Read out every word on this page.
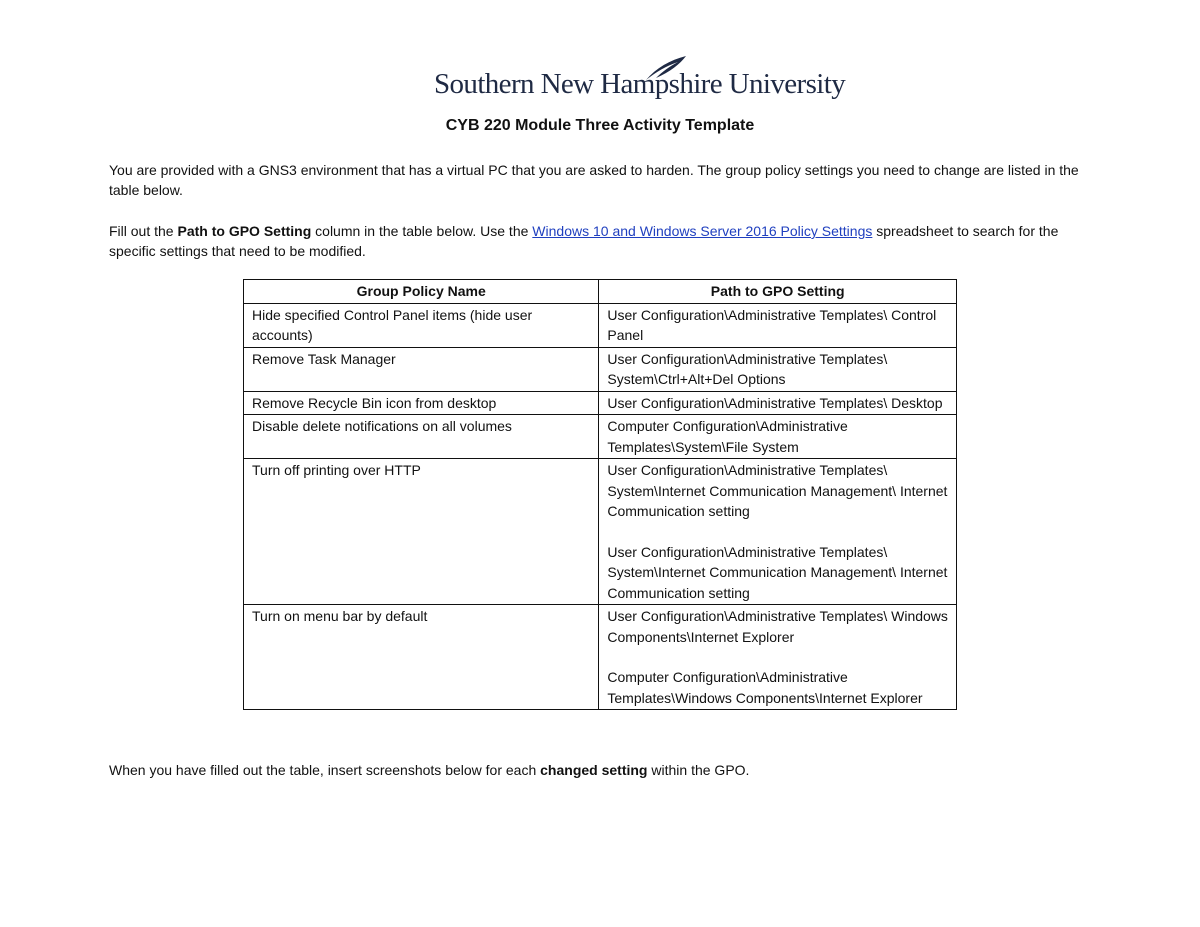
Southern New Hampshire University
CYB 220 Module Three Activity Template
You are provided with a GNS3 environment that has a virtual PC that you are asked to harden. The group policy settings you need to change are listed in the table below.
Fill out the Path to GPO Setting column in the table below. Use the Windows 10 and Windows Server 2016 Policy Settings spreadsheet to search for the specific settings that need to be modified.
Group Policy Name	Path to GPO Setting
Hide specified Control Panel items (hide user accounts)	User Configuration\Administrative Templates\ Control Panel

Remove Task Manager	User Configuration\Administrative Templates\ System\Ctrl+Alt+Del Options

Remove Recycle Bin icon from desktop	User Configuration\Administrative Templates\ Desktop

Disable delete notifications on all volumes	Computer Configuration\Administrative Templates\System\File System

Turn off printing over HTTP	User Configuration\Administrative Templates\ System\Internet Communication Management\ Internet Communication setting
User Configuration\Administrative Templates\ System\Internet Communication Management\ Internet Communication setting

Turn on menu bar by default	User Configuration\Administrative Templates\ Windows Components\Internet Explorer
Computer Configuration\Administrative Templates\Windows Components\Internet Explorer
When you have filled out the table, insert screenshots below for each changed setting within the GPO.
